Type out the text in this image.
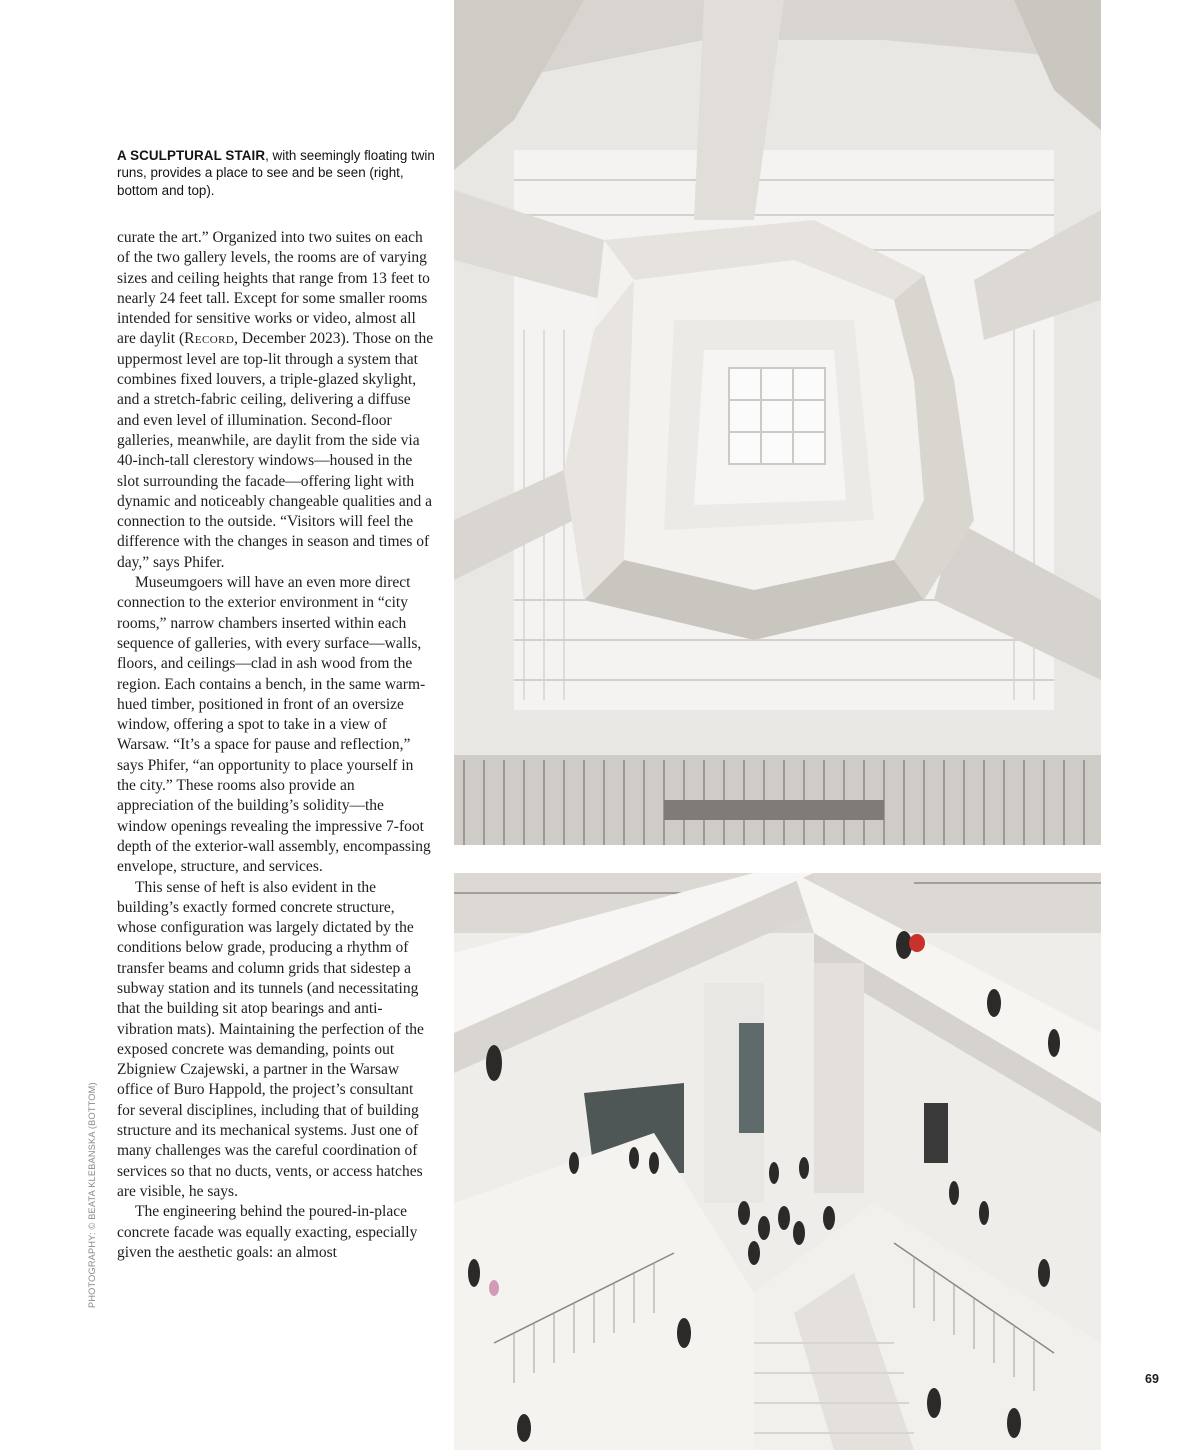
A SCULPTURAL STAIR, with seemingly floating twin runs, provides a place to see and be seen (right, bottom and top).

curate the art.” Organized into two suites on each of the two gallery levels, the rooms are of varying sizes and ceiling heights that range from 13 feet to nearly 24 feet tall. Except for some smaller rooms intended for sensitive works or video, almost all are daylit (Record, December 2023). Those on the uppermost level are top-lit through a system that combines fixed louvers, a triple-glazed skylight, and a stretch-fabric ceiling, delivering a diffuse and even level of illumination. Second-floor galleries, meanwhile, are daylit from the side via 40-inch-tall clerestory windows—housed in the slot surrounding the facade—offering light with dynamic and noticeably changeable qualities and a connection to the outside. “Visitors will feel the difference with the changes in season and times of day,” says Phifer.

Museumgoers will have an even more direct connection to the exterior environment in “city rooms,” narrow chambers inserted within each sequence of galleries, with every surface—walls, floors, and ceilings—clad in ash wood from the region. Each contains a bench, in the same warm-hued timber, positioned in front of an oversize window, offering a spot to take in a view of Warsaw. “It’s a space for pause and reflection,” says Phifer, “an opportunity to place yourself in the city.” These rooms also provide an appreciation of the building’s solidity—the window openings revealing the impressive 7-foot depth of the exterior-wall assembly, encompassing envelope, structure, and services.

This sense of heft is also evident in the building’s exactly formed concrete structure, whose configuration was largely dictated by the conditions below grade, producing a rhythm of transfer beams and column grids that sidestep a subway station and its tunnels (and necessitating that the building sit atop bearings and anti-vibration mats). Maintaining the perfection of the exposed concrete was demanding, points out Zbigniew Czajewski, a partner in the Warsaw office of Buro Happold, the project’s consultant for several disciplines, including that of building structure and its mechanical systems. Just one of many challenges was the careful coordination of services so that no ducts, vents, or access hatches are visible, he says.

The engineering behind the poured-in-place concrete facade was equally exacting, especially given the aesthetic goals: an almost

PHOTOGRAPHY: © BEATA KLEBANSKA (BOTTOM)
69
